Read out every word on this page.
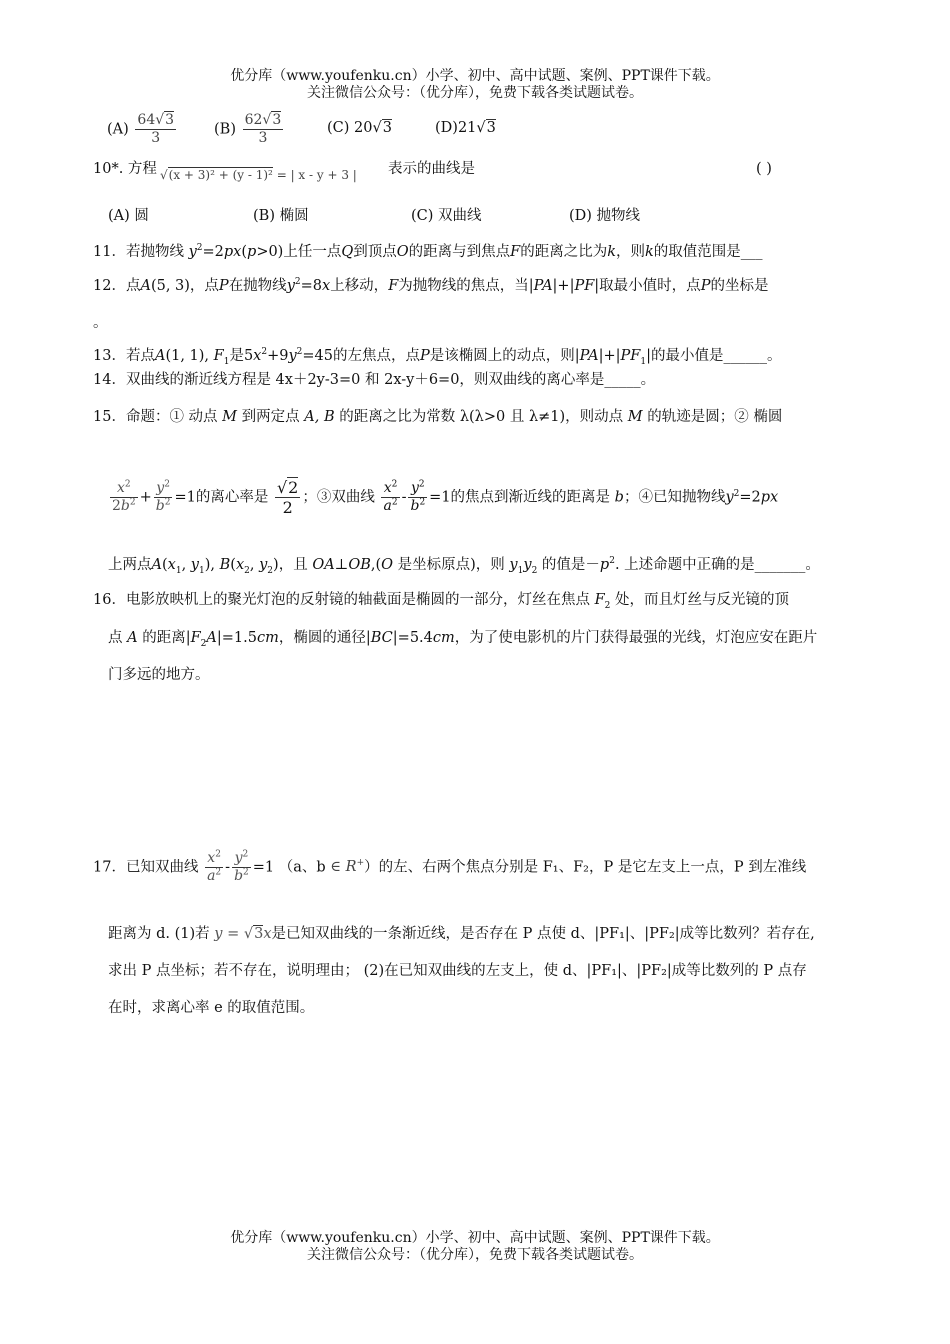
优分库（www.youfenku.cn）小学、初中、高中试题、案例、PPT课件下载。
关注微信公众号：（优分库），免费下载各类试题试卷。
$(A) \frac{64√3}{3}$	$(B) \frac{62√3}{3}$	(C) 20√3	(D)21√3
10*. 方程 √(x + 3)² + (y - 1)² = | x - y + 3 | 表示的曲线是	( )
(A) 圆	(B) 椭圆	(C) 双曲线	(D) 抛物线
11．若抛物线 $y^2=2px(p>0)$上任一点Q到顶点O的距离与到焦点F的距离之比为k，则k的取值范围是___
12．点A(5, 3)，点P在抛物线$y^2=8x$上移动，F为抛物线的焦点，当|PA|+|PF|取最小值时，点P的坐标是
。
13．若点A(1, 1), $F_1$是$5x^2+9y^2=45$的左焦点，点P是该椭圆上的动点，则$|PA|+|PF_1|$的最小值是______。
14．双曲线的渐近线方程是 4x＋2y-3=0 和 2x-y＋6=0，则双曲线的离心率是_____。
15．命题：① 动点 M 到两定点 A, B 的距离之比为常数 λ(λ>0 且 λ≠1)，则动点 M 的轨迹是圆；② 椭圆
$\frac{x^2}{2b^2} + \frac{y^2}{b^2} =1$的离心率是 $\frac{√2}{2}$ ；③双曲线 $\frac{x^2}{a^2} - \frac{y^2}{b^2} =1$的焦点到渐近线的距离是 b；④已知抛物线$y^2=2px$
上两点$A(x_1$, $y_1$), $B(x_2$, $y_2$)，且 OA⊥OB,(O 是坐标原点)，则 $y_1y_2$ 的值是$-p^2$. 上述命题中正确的是_______。
16．电影放映机上的聚光灯泡的反射镜的轴截面是椭圆的一部分，灯丝在焦点 $F_2$ 处，而且灯丝与反光镜的顶
点 A 的距离$|F_2A|=1.5cm$，椭圆的通径|BC|=5.4cm，为了使电影机的片门获得最强的光线，灯泡应安在距片
门多远的地方。
17．已知双曲线 $\frac{x^2}{a^2} - \frac{y^2}{b^2} =1$ （a、b ∈ R+）的左、右两个焦点分别是 F₁、F₂，P 是它左支上一点，P 到左准线
距离为 d. (1)若 y = √3x是已知双曲线的一条渐近线，是否存在 P 点使 d、|PF₁|、|PF₂|成等比数列？若存在,
求出 P 点坐标；若不存在，说明理由； (2)在已知双曲线的左支上，使 d、|PF₁|、|PF₂|成等比数列的 P 点存
在时，求离心率 e 的取值范围。
优分库（www.youfenku.cn）小学、初中、高中试题、案例、PPT课件下载。
关注微信公众号：（优分库），免费下载各类试题试卷。
